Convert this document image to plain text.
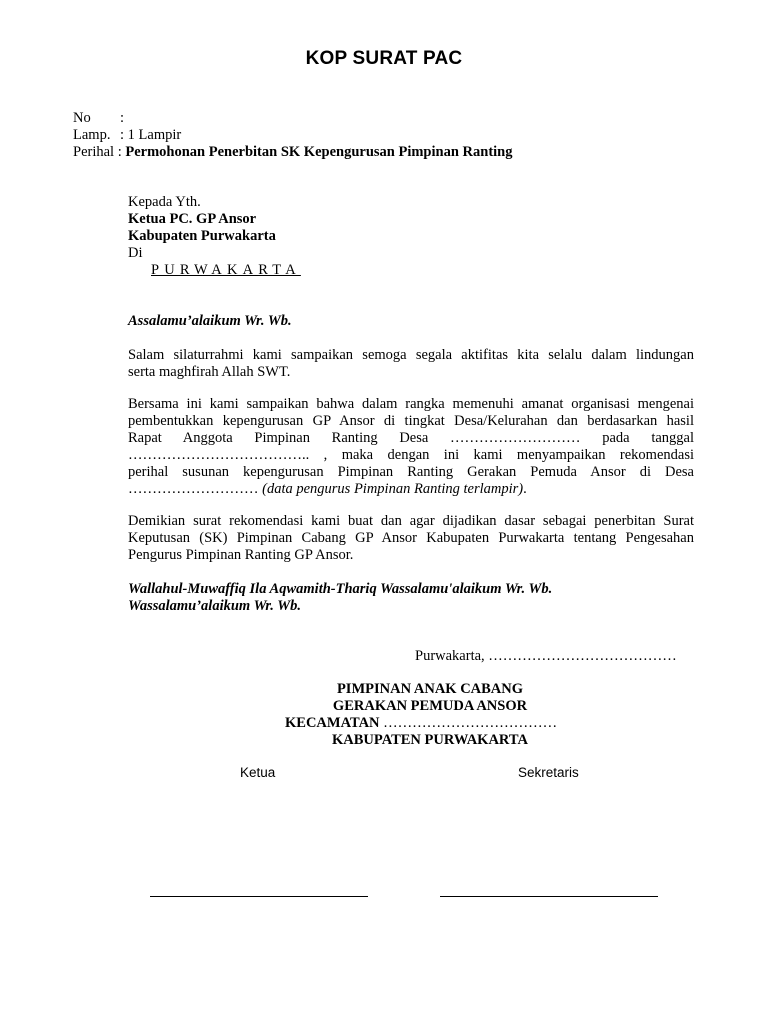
KOP SURAT PAC
No :
Lamp. : 1 Lampir
Perihal : Permohonan Penerbitan SK Kepengurusan Pimpinan Ranting
Kepada Yth.
Ketua PC. GP Ansor
Kabupaten Purwakarta
Di
PURWAKARTA
Assalamu’alaikum Wr. Wb.
Salam silaturrahmi kami sampaikan semoga segala aktifitas kita selalu dalam lindungan
serta maghfirah Allah SWT.
Bersama ini kami sampaikan bahwa dalam rangka memenuhi amanat organisasi mengenai
pembentukkan kepengurusan GP Ansor di tingkat Desa/Kelurahan dan berdasarkan hasil
Rapat Anggota Pimpinan Ranting Desa ……………………… pada tanggal
……………………………….. , maka dengan ini kami menyampaikan rekomendasi
perihal susunan kepengurusan Pimpinan Ranting Gerakan Pemuda Ansor di Desa
……………………… (data pengurus Pimpinan Ranting terlampir).
Demikian surat rekomendasi kami buat dan agar dijadikan dasar sebagai penerbitan Surat
Keputusan (SK) Pimpinan Cabang GP Ansor Kabupaten Purwakarta tentang Pengesahan
Pengurus Pimpinan Ranting GP Ansor.
Wallahul-Muwaffiq Ila Aqwamith-Thariq Wassalamu'alaikum Wr. Wb.
Wassalamu’alaikum Wr. Wb.
Purwakarta, …………………………………
PIMPINAN ANAK CABANG
GERAKAN PEMUDA ANSOR
KECAMATAN ………………………………
KABUPATEN PURWAKARTA
Ketua	Sekretaris
